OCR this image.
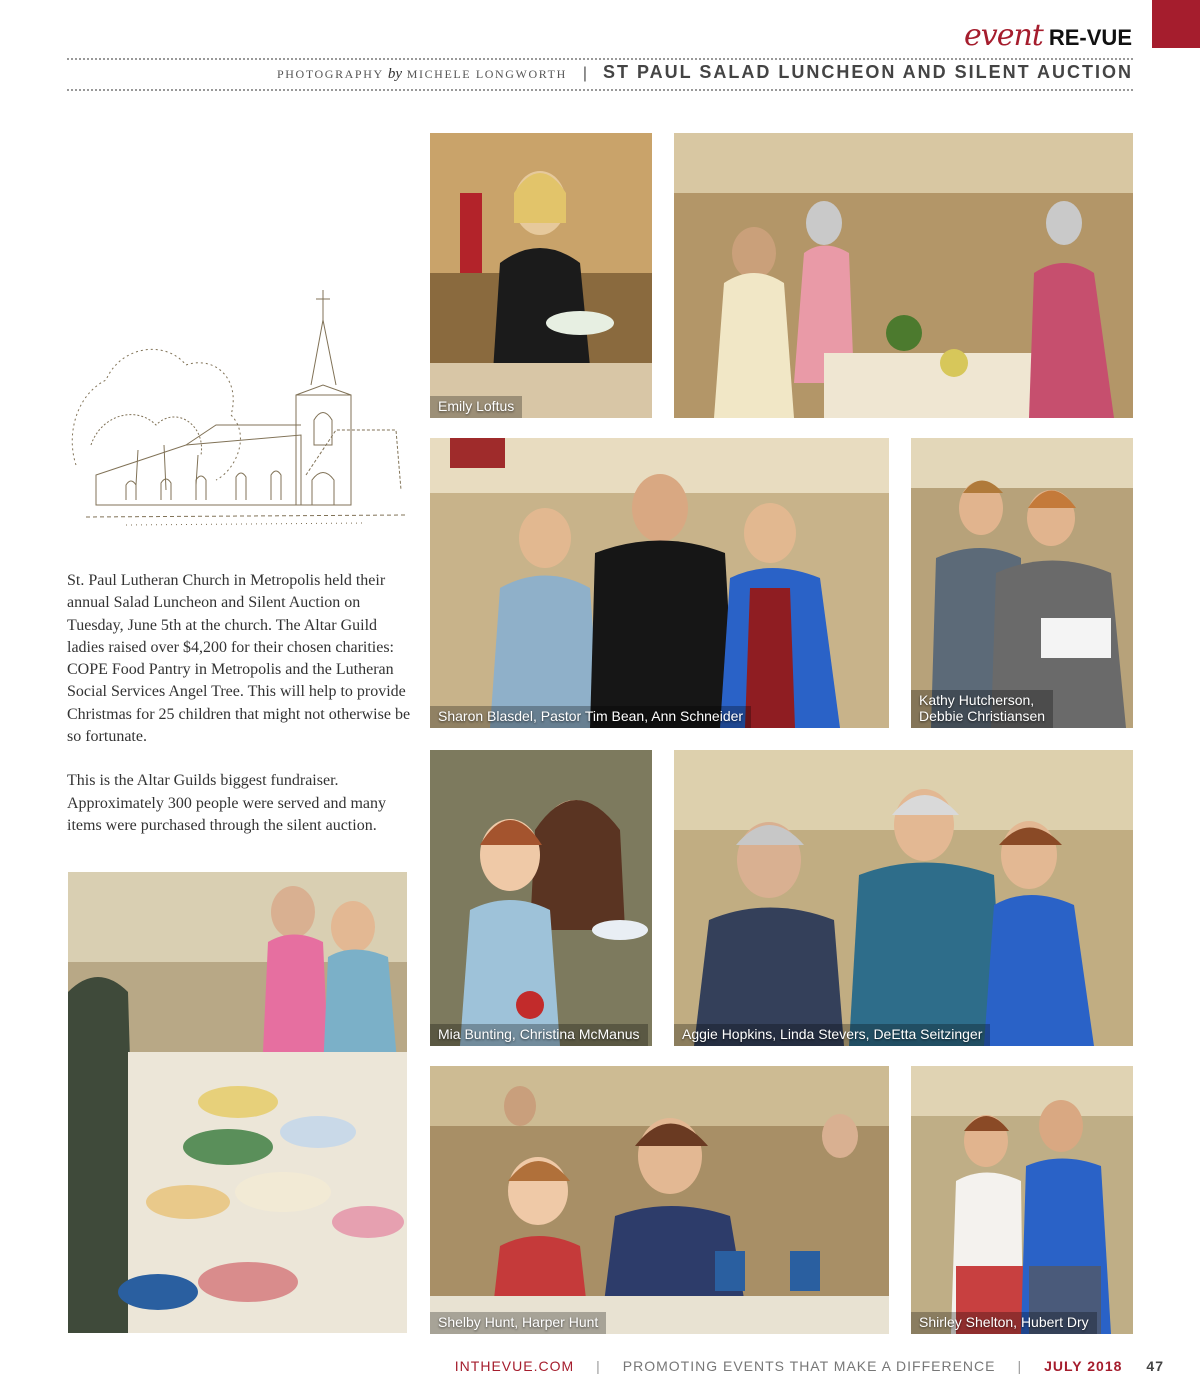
event RE-VUE
PHOTOGRAPHY by MICHELE LONGWORTH | ST PAUL SALAD LUNCHEON AND SILENT AUCTION

St. Paul Lutheran Church in Metropolis held their annual Salad Luncheon and Silent Auction on Tuesday, June 5th at the church. The Altar Guild ladies raised over $4,200 for their chosen charities: COPE Food Pantry in Metropolis and the Lutheran Social Services Angel Tree. This will help to provide Christmas for 25 children that might not otherwise be so fortunate.

This is the Altar Guilds biggest fundraiser. Approximately 300 people were served and many items were purchased through the silent auction.

Emily Loftus
Sharon Blasdel, Pastor Tim Bean, Ann Schneider
Kathy Hutcherson,
Debbie Christiansen
Mia Bunting, Christina McManus	Aggie Hopkins, Linda Stevers, DeEtta Seitzinger
Shelby Hunt, Harper Hunt	Shirley Shelton, Hubert Dry
INTHEVUE.COM | PROMOTING EVENTS THAT MAKE A DIFFERENCE | JULY 2018 47
